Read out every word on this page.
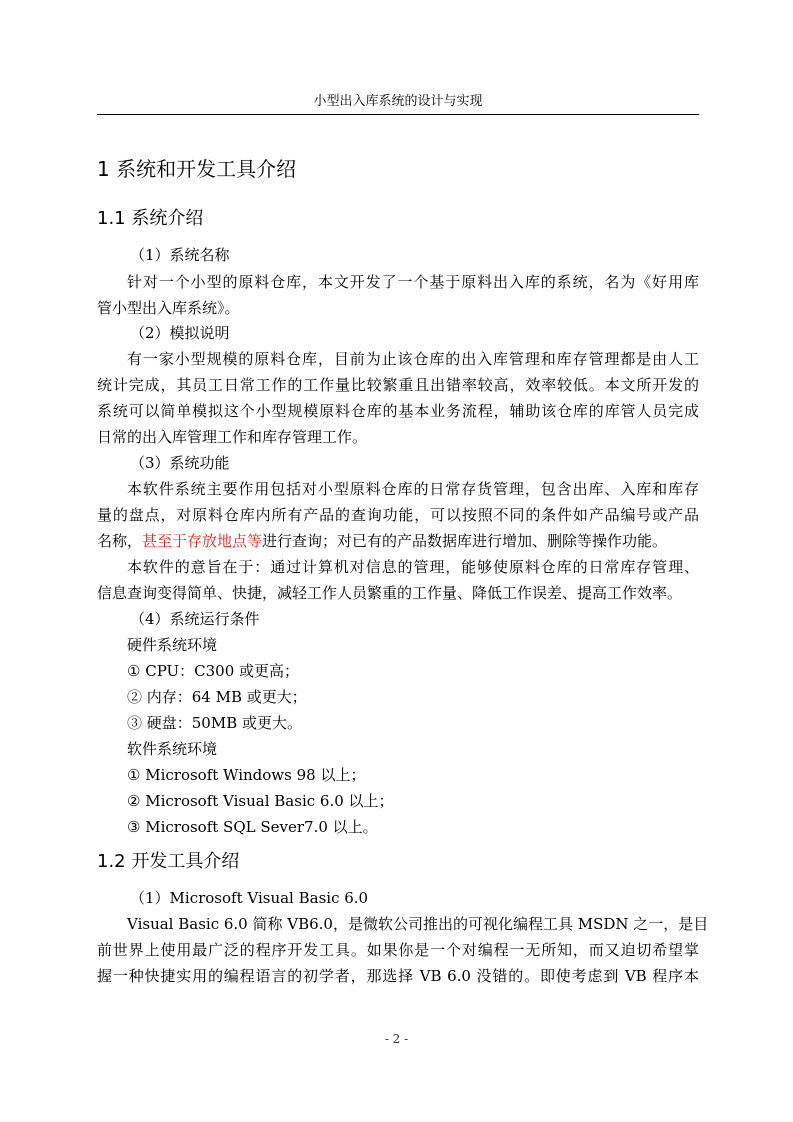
小型出入库系统的设计与实现
1 系统和开发工具介绍
1.1 系统介绍
（1）系统名称
针对一个小型的原料仓库，本文开发了一个基于原料出入库的系统，名为《好用库
管小型出入库系统》。
（2）模拟说明
有一家小型规模的原料仓库，目前为止该仓库的出入库管理和库存管理都是由人工
统计完成，其员工日常工作的工作量比较繁重且出错率较高，效率较低。本文所开发的
系统可以简单模拟这个小型规模原料仓库的基本业务流程，辅助该仓库的库管人员完成
日常的出入库管理工作和库存管理工作。
（3）系统功能
本软件系统主要作用包括对小型原料仓库的日常存货管理，包含出库、入库和库存
量的盘点，对原料仓库内所有产品的查询功能，可以按照不同的条件如产品编号或产品
名称，甚至于存放地点等进行查询；对已有的产品数据库进行增加、删除等操作功能。
本软件的意旨在于：通过计算机对信息的管理，能够使原料仓库的日常库存管理、
信息查询变得简单、快捷，减轻工作人员繁重的工作量、降低工作误差、提高工作效率。
（4）系统运行条件
硬件系统环境
① CPU：C300 或更高；
② 内存：64 MB 或更大；
③ 硬盘：50MB 或更大。
软件系统环境
① Microsoft Windows 98 以上；
② Microsoft Visual Basic 6.0 以上；
③ Microsoft SQL Sever7.0 以上。
1.2 开发工具介绍
（1）Microsoft Visual Basic 6.0
Visual Basic 6.0 简称 VB6.0，是微软公司推出的可视化编程工具 MSDN 之一，是目
前世界上使用最广泛的程序开发工具。如果你是一个对编程一无所知，而又迫切希望掌
握一种快捷实用的编程语言的初学者，那选择 VB 6.0 没错的。即使考虑到 VB 程序本
- 2 -
